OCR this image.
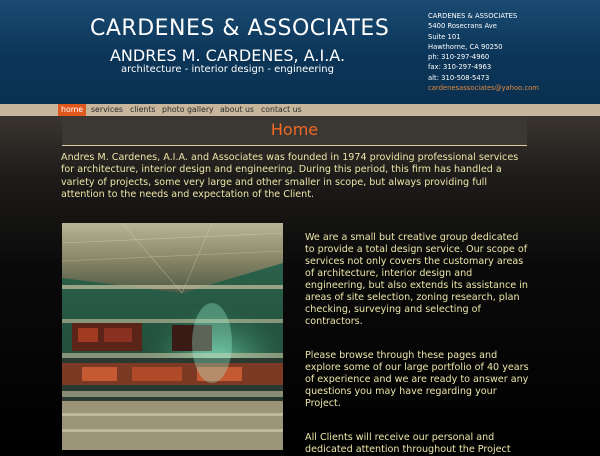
CARDENES & ASSOCIATES
ANDRES M. CARDENES, A.I.A.
architecture - interior design - engineering
CARDENES & ASSOCIATES
5400 Rosecrans Ave
Suite 101
Hawthorne, CA 90250
ph: 310-297-4960
fax: 310-297-4963
alt: 310-508-5473
cardenesassociates@yahoo.com
home	services clients photo gallery about us contact us
Home
Andres M. Cardenes, A.I.A. and Associates was founded in 1974 providing professional services for architecture, interior design and engineering. During this period, this firm has handled a variety of projects, some very large and other smaller in scope, but always providing full attention to the needs and expectation of the Client.

We are a small but creative group dedicated to provide a total design service. Our scope of services not only covers the customary areas of architecture, interior design and engineering, but also extends its assistance in areas of site selection, zoning research, plan checking, surveying and selecting of contractors.

Please browse through these pages and explore some of our large portfolio of 40 years of experience and we are ready to answer any questions you may have regarding your Project.

All Clients will receive our personal and dedicated attention throughout the Project
